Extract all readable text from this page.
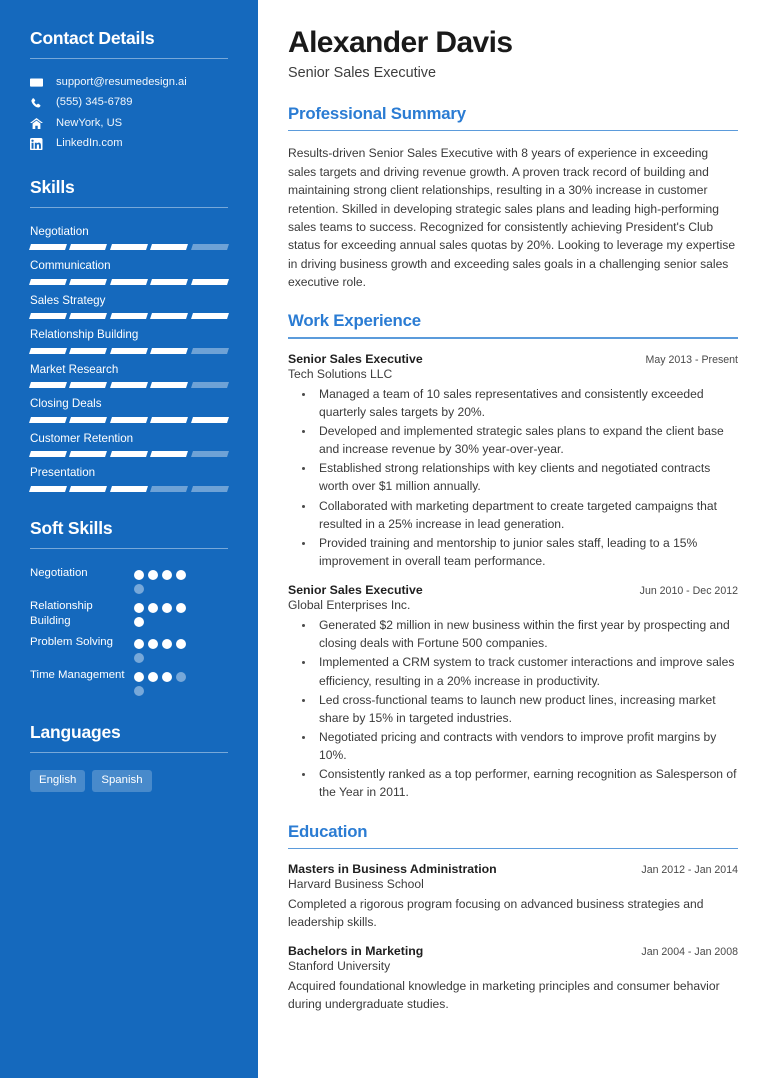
Contact Details
support@resumedesign.ai
(555) 345-6789
NewYork, US
LinkedIn.com
Skills
Negotiation
Communication
Sales Strategy
Relationship Building
Market Research
Closing Deals
Customer Retention
Presentation
Soft Skills
Negotiation
Relationship Building
Problem Solving
Time Management
Languages
English	Spanish
Alexander Davis
Senior Sales Executive
Professional Summary

Results-driven Senior Sales Executive with 8 years of experience in exceeding sales targets and driving revenue growth. A proven track record of building and maintaining strong client relationships, resulting in a 30% increase in customer retention. Skilled in developing strategic sales plans and leading high-performing sales teams to success. Recognized for consistently achieving President's Club status for exceeding annual sales quotas by 20%. Looking to leverage my expertise in driving business growth and exceeding sales goals in a challenging senior sales executive role.

Work Experience
Senior Sales Executive	May 2013 - Present
Tech Solutions LLC
• Managed a team of 10 sales representatives and consistently exceeded quarterly sales targets by 20%.
• Developed and implemented strategic sales plans to expand the client base and increase revenue by 30% year-over-year.
• Established strong relationships with key clients and negotiated contracts worth over $1 million annually.
• Collaborated with marketing department to create targeted campaigns that resulted in a 25% increase in lead generation.
• Provided training and mentorship to junior sales staff, leading to a 15% improvement in overall team performance.
Senior Sales Executive	Jun 2010 - Dec 2012
Global Enterprises Inc.
• Generated $2 million in new business within the first year by prospecting and closing deals with Fortune 500 companies.
• Implemented a CRM system to track customer interactions and improve sales efficiency, resulting in a 20% increase in productivity.
• Led cross-functional teams to launch new product lines, increasing market share by 15% in targeted industries.
• Negotiated pricing and contracts with vendors to improve profit margins by 10%.
• Consistently ranked as a top performer, earning recognition as Salesperson of the Year in 2011.
Education
Masters in Business Administration	Jan 2012 - Jan 2014
Harvard Business School
Completed a rigorous program focusing on advanced business strategies and leadership skills.
Bachelors in Marketing	Jan 2004 - Jan 2008
Stanford University
Acquired foundational knowledge in marketing principles and consumer behavior during undergraduate studies.
